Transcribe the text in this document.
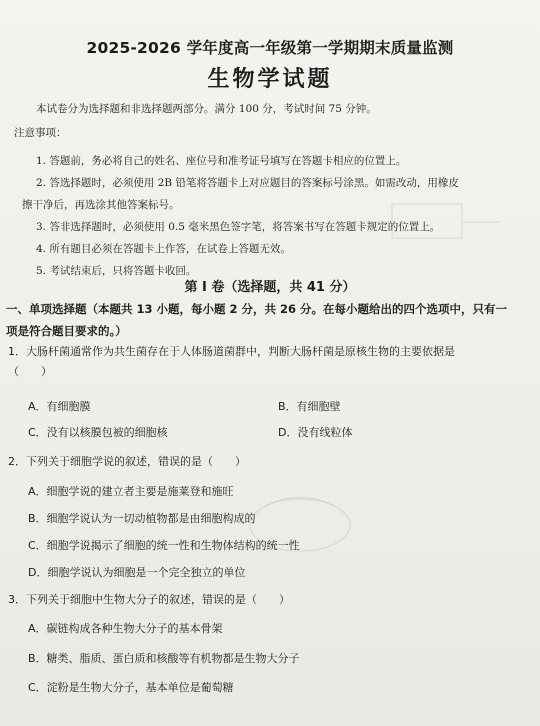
2025-2026 学年度高一年级第一学期期末质量监测
生物学试题
本试卷分为选择题和非选择题两部分。满分 100 分，考试时间 75 分钟。
注意事项：
1. 答题前，务必将自己的姓名、座位号和准考证号填写在答题卡相应的位置上。
2. 答选择题时，必须使用 2B 铅笔将答题卡上对应题目的答案标号涂黑。如需改动，用橡皮
擦干净后，再选涂其他答案标号。
3. 答非选择题时，必须使用 0.5 毫米黑色签字笔，将答案书写在答题卡规定的位置上。
4. 所有题目必须在答题卡上作答，在试卷上答题无效。
5. 考试结束后，只将答题卡收回。
第 I 卷（选择题，共 41 分）
一、单项选择题（本题共 13 小题，每小题 2 分，共 26 分。在每小题给出的四个选项中，只有一
项是符合题目要求的。）
1．大肠杆菌通常作为共生菌存在于人体肠道菌群中，判断大肠杆菌是原核生物的主要依据是
（　　）
A．有细胞膜	B．有细胞壁
C．没有以核膜包被的细胞核	D．没有线粒体
2．下列关于细胞学说的叙述，错误的是（　　）
A．细胞学说的建立者主要是施莱登和施旺
B．细胞学说认为一切动植物都是由细胞构成的
C．细胞学说揭示了细胞的统一性和生物体结构的统一性
D．细胞学说认为细胞是一个完全独立的单位
3．下列关于细胞中生物大分子的叙述，错误的是（　　）
A．碳链构成各种生物大分子的基本骨架
B．糖类、脂质、蛋白质和核酸等有机物都是生物大分子
C．淀粉是生物大分子，基本单位是葡萄糖
